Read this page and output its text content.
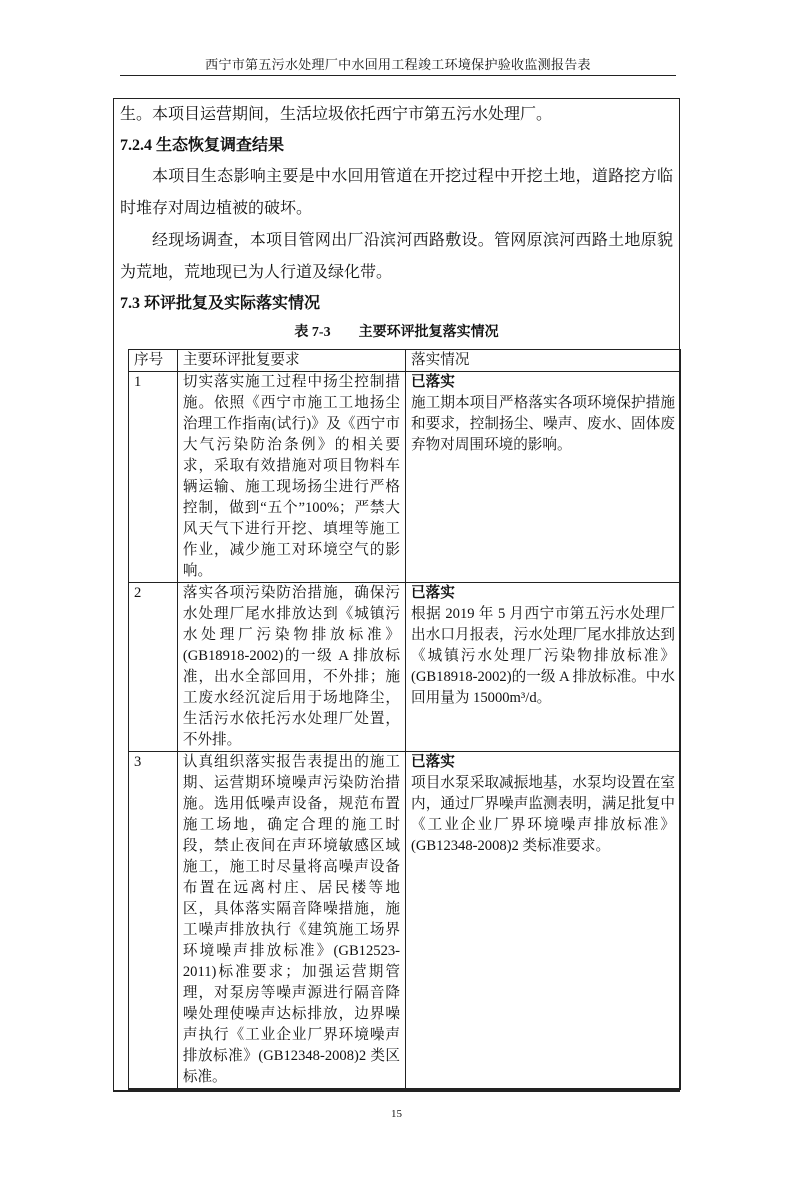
西宁市第五污水处理厂中水回用工程竣工环境保护验收监测报告表

生。本项目运营期间，生活垃圾依托西宁市第五污水处理厂。

7.2.4 生态恢复调查结果

本项目生态影响主要是中水回用管道在开挖过程中开挖土地，道路挖方临时堆存对周边植被的破坏。

经现场调查，本项目管网出厂沿滨河西路敷设。管网原滨河西路土地原貌为荒地，荒地现已为人行道及绿化带。

7.3 环评批复及实际落实情况

表 7-3　　主要环评批复落实情况
序号	主要环评批复要求	落实情况
1	切实落实施工过程中扬尘控制措施。依照《西宁市施工工地扬尘治理工作指南(试行)》及《西宁市大气污染防治条例》的相关要求，采取有效措施对项目物料车辆运输、施工现场扬尘进行严格控制，做到“五个”100%；严禁大风天气下进行开挖、填埋等施工作业，减少施工对环境空气的影响。	已落实
施工期本项目严格落实各项环境保护措施和要求，控制扬尘、噪声、废水、固体废弃物对周围环境的影响。
2	落实各项污染防治措施，确保污水处理厂尾水排放达到《城镇污水处理厂污染物排放标准》(GB18918-2002)的一级 A 排放标准，出水全部回用，不外排；施工废水经沉淀后用于场地降尘，生活污水依托污水处理厂处置，不外排。	已落实
根据 2019 年 5 月西宁市第五污水处理厂出水口月报表，污水处理厂尾水排放达到《城镇污水处理厂污染物排放标准》(GB18918-2002)的一级 A 排放标准。中水回用量为 15000m³/d。
3	认真组织落实报告表提出的施工期、运营期环境噪声污染防治措施。选用低噪声设备，规范布置施工场地，确定合理的施工时段，禁止夜间在声环境敏感区域施工，施工时尽量将高噪声设备布置在远离村庄、居民楼等地区，具体落实隔音降噪措施，施工噪声排放执行《建筑施工场界环境噪声排放标准》(GB12523-2011)标准要求；加强运营期管理，对泵房等噪声源进行隔音降噪处理使噪声达标排放，边界噪声执行《工业企业厂界环境噪声排放标准》(GB12348-2008)2 类区标准。	已落实
项目水泵采取减振地基，水泵均设置在室内，通过厂界噪声监测表明，满足批复中《工业企业厂界环境噪声排放标准》(GB12348-2008)2 类标准要求。
15
